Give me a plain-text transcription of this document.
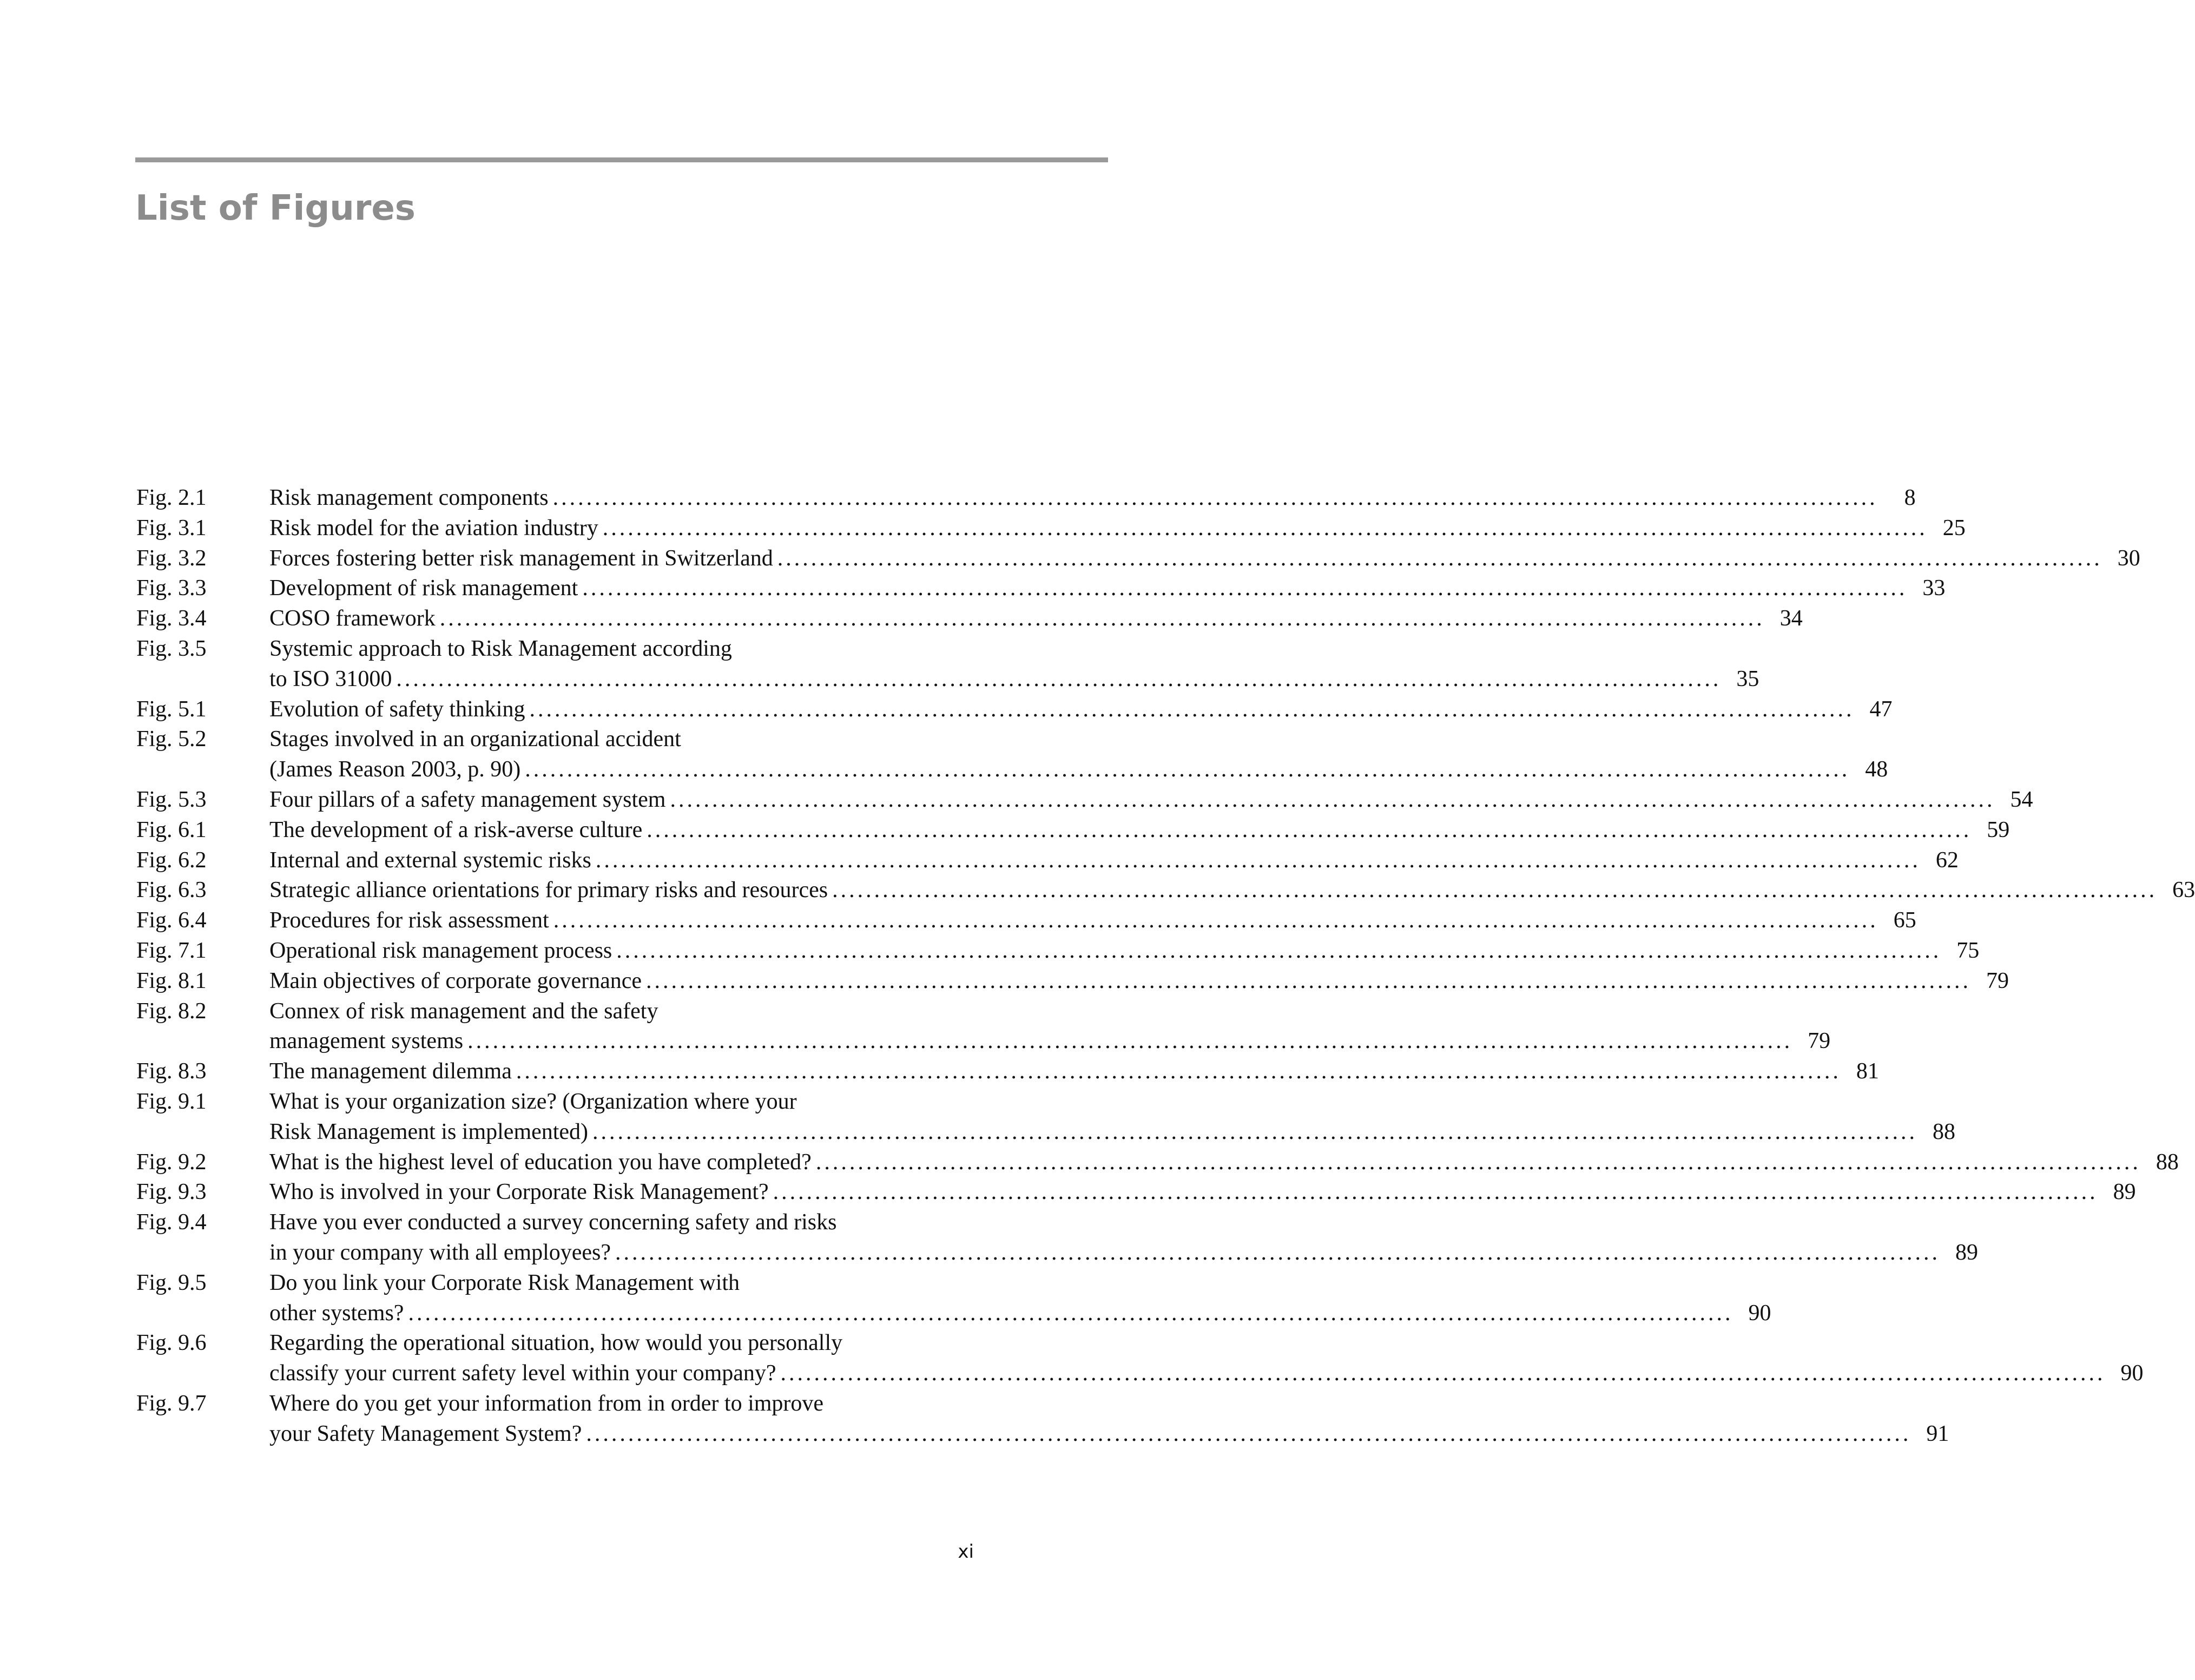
List of Figures
Fig. 2.1	Risk management components ..............................................................................................................................................................	8
Fig. 3.1	Risk model for the aviation industry .............................................................................................................................................................. 25
Fig. 3.2	Forces fostering better risk management in Switzerland .............................................................................................................................................................. 30
Fig. 3.3	Development of risk management .............................................................................................................................................................. 33
Fig. 3.4	COSO framework .............................................................................................................................................................. 34
Fig. 3.5	Systemic approach to Risk Management according
to ISO 31000 .............................................................................................................................................................. 35
Fig. 5.1	Evolution of safety thinking .............................................................................................................................................................. 47
Fig. 5.2	Stages involved in an organizational accident
(James Reason 2003, p. 90) .............................................................................................................................................................. 48
Fig. 5.3	Four pillars of a safety management system .............................................................................................................................................................. 54
Fig. 6.1	The development of a risk-averse culture .............................................................................................................................................................. 59
Fig. 6.2	Internal and external systemic risks .............................................................................................................................................................. 62
Fig. 6.3	Strategic alliance orientations for primary risks and resources .............................................................................................................................................................. 63
Fig. 6.4	Procedures for risk assessment .............................................................................................................................................................. 65
Fig. 7.1	Operational risk management process .............................................................................................................................................................. 75
Fig. 8.1	Main objectives of corporate governance .............................................................................................................................................................. 79
Fig. 8.2	Connex of risk management and the safety
management systems .............................................................................................................................................................. 79
Fig. 8.3	The management dilemma .............................................................................................................................................................. 81
Fig. 9.1	What is your organization size? (Organization where your
Risk Management is implemented) .............................................................................................................................................................. 88
Fig. 9.2	What is the highest level of education you have completed? .............................................................................................................................................................. 88
Fig. 9.3	Who is involved in your Corporate Risk Management? .............................................................................................................................................................. 89
Fig. 9.4	Have you ever conducted a survey concerning safety and risks
in your company with all employees? .............................................................................................................................................................. 89
Fig. 9.5	Do you link your Corporate Risk Management with
other systems? .............................................................................................................................................................. 90
Fig. 9.6	Regarding the operational situation, how would you personally
classify your current safety level within your company? .............................................................................................................................................................. 90
Fig. 9.7	Where do you get your information from in order to improve
your Safety Management System? .............................................................................................................................................................. 91
xi
